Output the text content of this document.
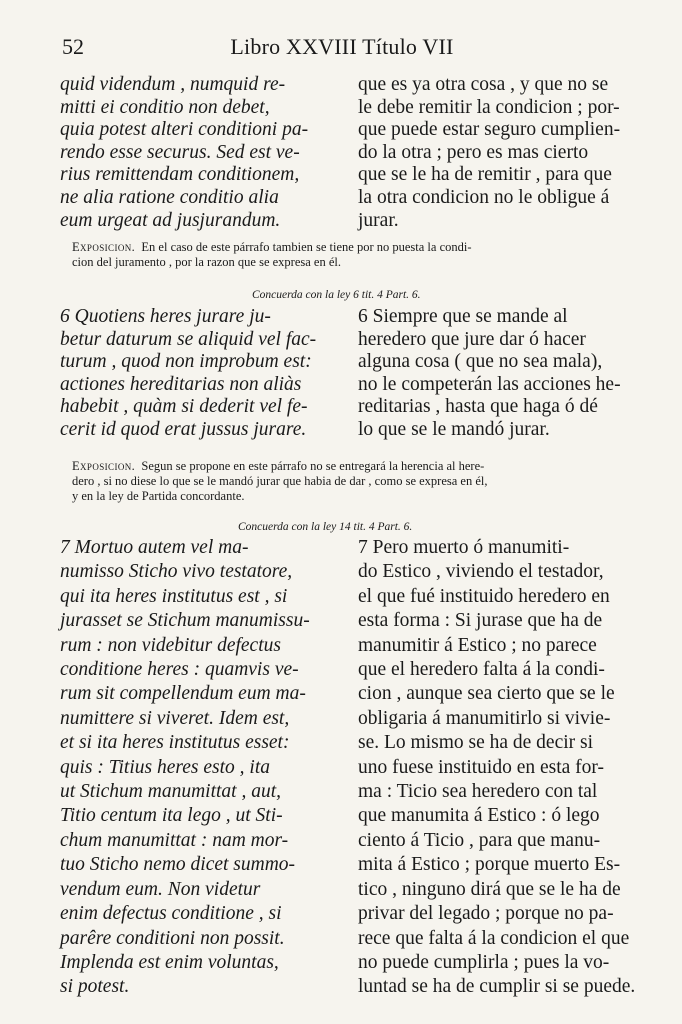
52	Libro XXVIII Título VII
quid videndum , numquid re-
mitti ei conditio non debet,
quia potest alteri conditioni pa-
rendo esse securus. Sed est ve-
rius remittendam conditionem,
ne alia ratione conditio alia
eum urgeat ad jusjurandum.
que es ya otra cosa , y que no se
le debe remitir la condicion ; por-
que puede estar seguro cumplien-
do la otra ; pero es mas cierto
que se le ha de remitir , para que
la otra condicion no le obligue á
jurar.
Exposicion. En el caso de este párrafo tambien se tiene por no puesta la condi-
cion del juramento , por la razon que se expresa en él.
Concuerda con la ley 6 tit. 4 Part. 6.
6 Quotiens heres jurare ju-
betur daturum se aliquid vel fac-
turum , quod non improbum est:
actiones hereditarias non aliàs
habebit , quàm si dederit vel fe-
cerit id quod erat jussus jurare.
6 Siempre que se mande al
heredero que jure dar ó hacer
alguna cosa ( que no sea mala),
no le competerán las acciones he-
reditarias , hasta que haga ó dé
lo que se le mandó jurar.
Exposicion. Segun se propone en este párrafo no se entregará la herencia al here-
dero , si no diese lo que se le mandó jurar que habia de dar , como se expresa en él,
y en la ley de Partida concordante.
Concuerda con la ley 14 tit. 4 Part. 6.
7 Mortuo autem vel ma-
numisso Sticho vivo testatore,
qui ita heres institutus est , si
jurasset se Stichum manumissu-
rum : non videbitur defectus
conditione heres : quamvis ve-
rum sit compellendum eum ma-
numittere si viveret. Idem est,
et si ita heres institutus esset:
quis : Titius heres esto , ita
ut Stichum manumittat , aut,
Titio centum ita lego , ut Sti-
chum manumittat : nam mor-
tuo Sticho nemo dicet summo-
vendum eum. Non videtur
enim defectus conditione , si
parêre conditioni non possit.
Implenda est enim voluntas,
si potest.
7 Pero muerto ó manumiti-
do Estico , viviendo el testador,
el que fué instituido heredero en
esta forma : Si jurase que ha de
manumitir á Estico ; no parece
que el heredero falta á la condi-
cion , aunque sea cierto que se le
obligaria á manumitirlo si vivie-
se. Lo mismo se ha de decir si
uno fuese instituido en esta for-
ma : Ticio sea heredero con tal
que manumita á Estico : ó lego
ciento á Ticio , para que manu-
mita á Estico ; porque muerto Es-
tico , ninguno dirá que se le ha de
privar del legado ; porque no pa-
rece que falta á la condicion el que
no puede cumplirla ; pues la vo-
luntad se ha de cumplir si se puede.
